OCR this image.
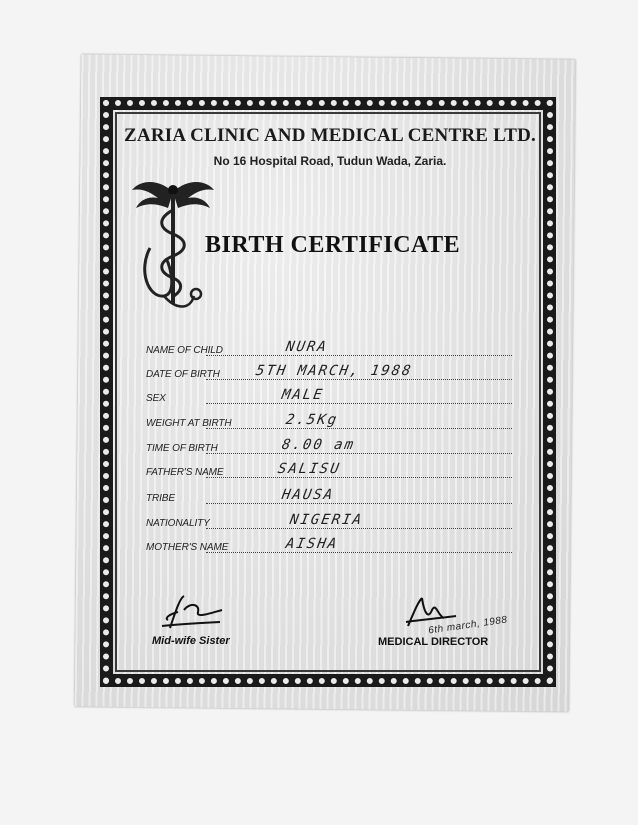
ZARIA CLINIC AND MEDICAL CENTRE LTD.
No 16 Hospital Road, Tudun Wada, Zaria.
BIRTH CERTIFICATE
NAME OF CHILD	NURA
DATE OF BIRTH 5TH MARCH, 1988
SEX	MALE
WEIGHT AT BIRTH	2.5Kg
TIME OF BIRTH	8.00 am
FATHER'S NAME	SALISU
TRIBE	HAUSA
NATIONALITY	NIGERIA
MOTHER'S NAME	AISHA
Mid-wife Sister
6th march, 1988
MEDICAL DIRECTOR
